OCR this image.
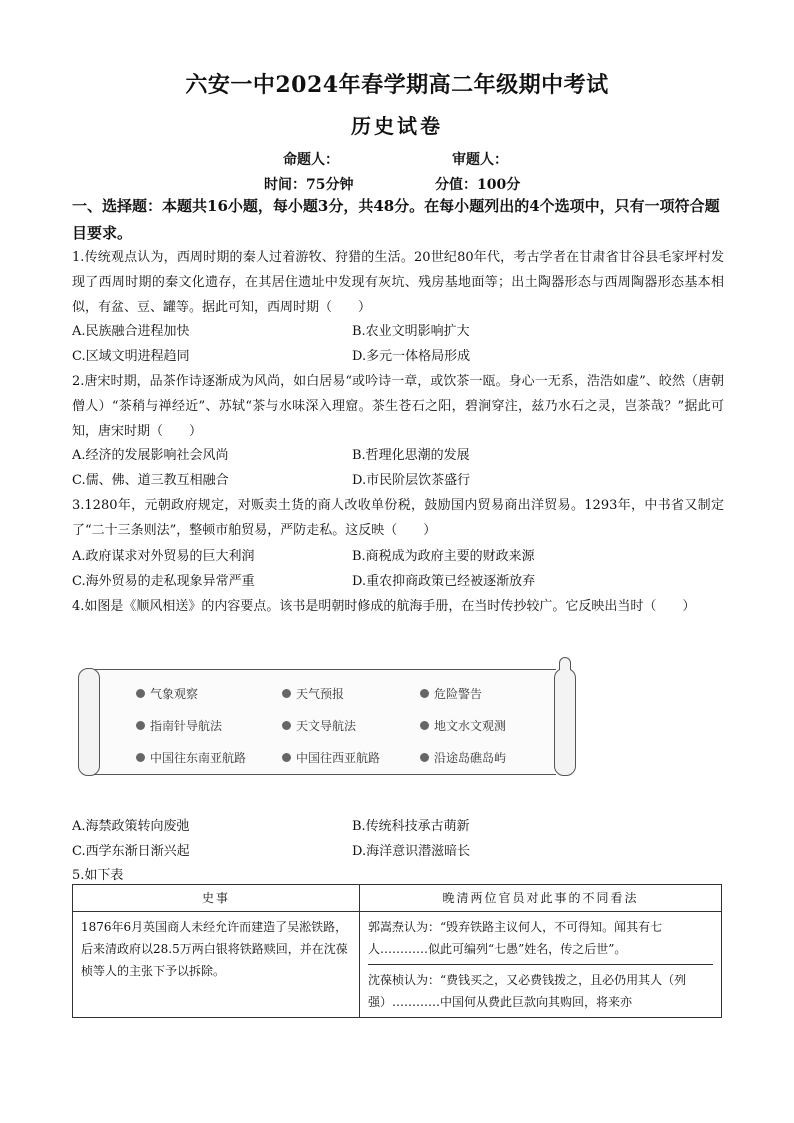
六安一中2024年春学期高二年级期中考试
历史试卷
命题人：	审题人：
时间：75分钟	分值：100分
一、选择题：本题共16小题，每小题3分，共48分。在每小题列出的4个选项中，只有一项符合题目要求。
1.传统观点认为，西周时期的秦人过着游牧、狩猎的生活。20世纪80年代，考古学者在甘肃省甘谷县毛家坪村发现了西周时期的秦文化遗存，在其居住遗址中发现有灰坑、残房基地面等；出土陶器形态与西周陶器形态基本相似，有盆、豆、罐等。据此可知，西周时期（　　）
A.民族融合进程加快	B.农业文明影响扩大
C.区域文明进程趋同	D.多元一体格局形成
2.唐宋时期，品茶作诗逐渐成为风尚，如白居易“或吟诗一章，或饮茶一瓯。身心一无系，浩浩如虚”、皎然（唐朝僧人）“茶稍与禅经近”、苏轼“茶与水味深入理窟。茶生苍石之阳，碧涧穿注，兹乃水石之灵，岂茶哉？”据此可知，唐宋时期（　　）
A.经济的发展影响社会风尚	B.哲理化思潮的发展
C.儒、佛、道三教互相融合	D.市民阶层饮茶盛行
3.1280年，元朝政府规定，对贩卖土货的商人改收单份税，鼓励国内贸易商出洋贸易。1293年，中书省又制定了“二十三条则法”，整顿市舶贸易，严防走私。这反映（　　）
A.政府谋求对外贸易的巨大利润	B.商税成为政府主要的财政来源
C.海外贸易的走私现象异常严重	D.重农抑商政策已经被逐渐放弃
4.如图是《顺风相送》的内容要点。该书是明朝时修成的航海手册，在当时传抄较广。它反映出当时（　　）
气象观察	天气预报	危险警告
指南针导航法	天文导航法	地文水文观测
中国往东南亚航路	中国往西亚航路	沿途岛礁岛屿
A.海禁政策转向废弛	B.传统科技承古萌新
C.西学东渐日渐兴起	D.海洋意识潜滋暗长
5.如下表
史事	晚清两位官员对此事的不同看法

1876年6月英国商人未经允许而建造了吴淞铁路，后来清政府以28.5万两白银将铁路赎回，并在沈葆桢等人的主张下予以拆除。	郭嵩焘认为：“毁弃铁路主议何人，不可得知。闻其有七人…………似此可编列“七愚”姓名，传之后世”。
沈葆桢认为：“费钱买之，又必费钱拨之，且必仍用其人（列强）…………中国何从费此巨款向其购回，将来亦
